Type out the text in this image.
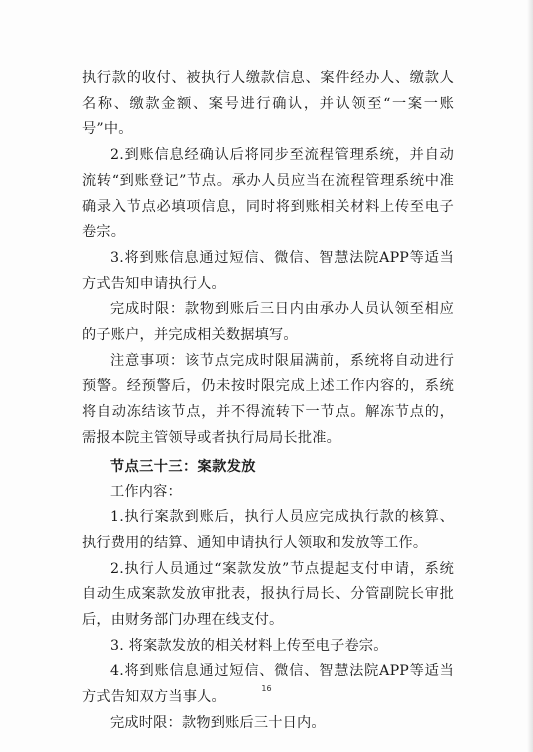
执行款的收付、被执行人缴款信息、案件经办人、缴款人名称、缴款金额、案号进行确认，并认领至“一案一账号”中。

2.到账信息经确认后将同步至流程管理系统，并自动流转“到账登记”节点。承办人员应当在流程管理系统中准确录入节点必填项信息，同时将到账相关材料上传至电子卷宗。

3.将到账信息通过短信、微信、智慧法院APP等适当方式告知申请执行人。

完成时限：款物到账后三日内由承办人员认领至相应的子账户，并完成相关数据填写。

注意事项：该节点完成时限届满前，系统将自动进行预警。经预警后，仍未按时限完成上述工作内容的，系统将自动冻结该节点，并不得流转下一节点。解冻节点的，需报本院主管领导或者执行局局长批准。

节点三十三：案款发放

工作内容：

1.执行案款到账后，执行人员应完成执行款的核算、执行费用的结算、通知申请执行人领取和发放等工作。

2.执行人员通过“案款发放”节点提起支付申请，系统自动生成案款发放审批表，报执行局长、分管副院长审批后，由财务部门办理在线支付。

3. 将案款发放的相关材料上传至电子卷宗。

4.将到账信息通过短信、微信、智慧法院APP等适当方式告知双方当事人。

完成时限：款物到账后三十日内。

16
